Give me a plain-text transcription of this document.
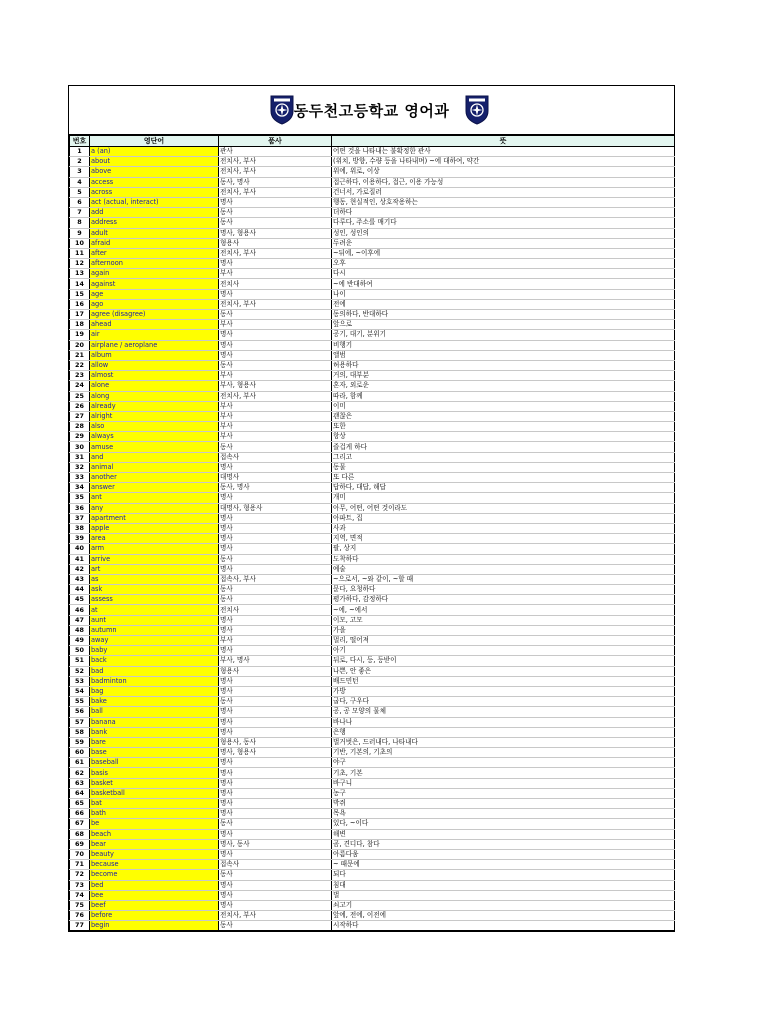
동두천고등학교 영어과
번호	영단어	품사	뜻
1	a (an)	관사	어떤 것을 나타내는 불확정한 관사
2	about	전치사, 부사	(위치, 방향, 수량 등을 나타내며) ~에 대하여, 약간
3	above	전치사, 부사	위에, 위로, 이상
4	access	동사, 명사	접근하다, 이용하다, 접근, 이용 가능성
5	across	전치사, 부사	건너서, 가로질러
6	act (actual, interact)	명사	행동, 현실적인, 상호작용하는
7	add	동사	더하다
8	address	동사	다루다, 주소를 매기다
9	adult	명사, 형용사	성인, 성인의
10	afraid	형용사	두려운
11	after	전치사, 부사	~뒤에, ~이후에
12	afternoon	명사	오후
13	again	부사	다시
14	against	전치사	~에 반대하여
15	age	명사	나이
16	ago	전치사, 부사	전에
17	agree (disagree)	동사	동의하다, 반대하다
18	ahead	부사	앞으로
19	air	명사	공기, 대기, 분위기
20	airplane / aeroplane	명사	비행기
21	album	명사	앨범
22	allow	동사	허용하다
23	almost	부사	거의, 대부분
24	alone	부사, 형용사	혼자, 외로운
25	along	전치사, 부사	따라, 함께
26	already	부사	이미
27	alright	부사	괜찮은
28	also	부사	또한
29	always	부사	항상
30	amuse	동사	즐겁게 하다
31	and	접속사	그리고
32	animal	명사	동물
33	another	대명사	또 다른
34	answer	동사, 명사	답하다, 대답, 해답
35	ant	명사	개미
36	any	대명사, 형용사	아무, 어떤, 어떤 것이라도
37	apartment	명사	아파트, 집
38	apple	명사	사과
39	area	명사	지역, 면적
40	arm	명사	팔, 상지
41	arrive	동사	도착하다
42	art	명사	예술
43	as	접속사, 부사	~으로서, ~와 같이, ~할 때
44	ask	동사	묻다, 요청하다
45	assess	동사	평가하다, 감정하다
46	at	전치사	~에, ~에서
47	aunt	명사	이모, 고모
48	autumn	명사	가을
49	away	부사	멀리, 떨어져
50	baby	명사	아기
51	back	부사, 명사	뒤로, 다시, 등, 등받이
52	bad	형용사	나쁜, 안 좋은
53	badminton	명사	배드민턴
54	bag	명사	가방
55	bake	동사	굽다, 구우다
56	ball	명사	공, 공 모양의 물체
57	banana	명사	바나나
58	bank	명사	은행
59	bare	형용사, 동사	벌거벗은, 드러내다, 나타내다
60	base	명사, 형용사	기반, 기본의, 기초의
61	baseball	명사	야구
62	basis	명사	기초, 기본
63	basket	명사	바구니
64	basketball	명사	농구
65	bat	명사	박쥐
66	bath	명사	목욕
67	be	동사	있다, ~이다
68	beach	명사	해변
69	bear	명사, 동사	곰, 견디다, 참다
70	beauty	명사	아름다움
71	because	접속사	~ 때문에
72	become	동사	되다
73	bed	명사	침대
74	bee	명사	벌
75	beef	명사	쇠고기
76	before	전치사, 부사	앞에, 전에, 이전에
77	begin	동사	시작하다
